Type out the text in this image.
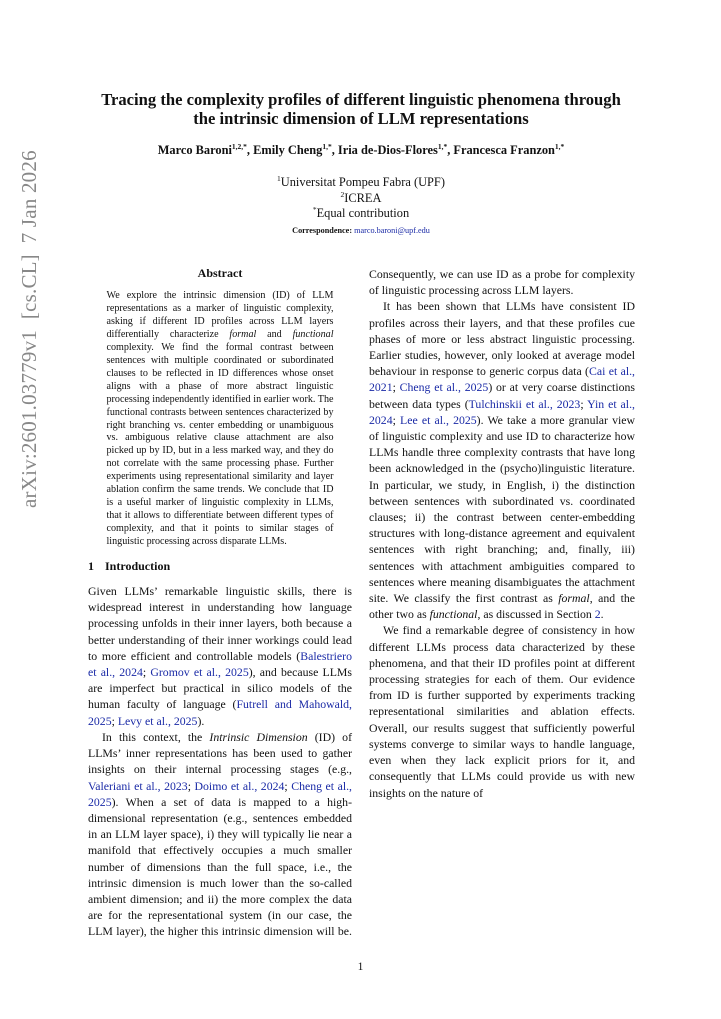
arXiv:2601.03779v1  [cs.CL]  7 Jan 2026
Tracing the complexity profiles of different linguistic phenomena through
the intrinsic dimension of LLM representations
Marco Baroni$^{1,2,*}$, Emily Cheng$^{1,*}$, Iria de-Dios-Flores$^{1,*}$, Francesca Franzon$^{1,*}$
$^1$Universitat Pompeu Fabra (UPF)
$^2$ICREA
*Equal contribution
Correspondence: marco.baroni@upf.edu
Abstract

We explore the intrinsic dimension (ID) of LLM representations as a marker of linguistic complexity, asking if different ID profiles across LLM layers differentially characterize formal and functional complexity. We find the formal contrast between sentences with multiple coordinated or subordinated clauses to be reflected in ID differences whose onset aligns with a phase of more abstract linguistic processing independently identified in earlier work. The functional contrasts between sentences characterized by right branching vs. center embedding or unambiguous vs. ambiguous relative clause attachment are also picked up by ID, but in a less marked way, and they do not correlate with the same processing phase. Further experiments using representational similarity and layer ablation confirm the same trends. We conclude that ID is a useful marker of linguistic complexity in LLMs, that it allows to differentiate between different types of complexity, and that it points to similar stages of linguistic processing across disparate LLMs.

1 Introduction

Given LLMs’ remarkable linguistic skills, there is widespread interest in understanding how language processing unfolds in their inner layers, both because a better understanding of their inner workings could lead to more efficient and controllable models (Balestriero et al., 2024; Gromov et al., 2025), and because LLMs are imperfect but practical in silico models of the human faculty of language (Futrell and Mahowald, 2025; Levy et al., 2025).

In this context, the Intrinsic Dimension (ID) of LLMs’ inner representations has been used to gather insights on their internal processing stages (e.g., Valeriani et al., 2023; Doimo et al., 2024; Cheng et al., 2025). When a set of data is mapped to a high-dimensional representation (e.g., sentences embedded in an LLM layer space), i) they will typically lie near a manifold that effectively occupies a much smaller number of dimensions than the full space, i.e., the intrinsic dimension is much lower than the so-called ambient dimension; and ii) the more complex the data are for the representational system (in our case, the LLM layer), the higher this intrinsic dimension will be.

Consequently, we can use ID as a probe for complexity of linguistic processing across LLM layers.

It has been shown that LLMs have consistent ID profiles across their layers, and that these profiles cue phases of more or less abstract linguistic processing. Earlier studies, however, only looked at average model behaviour in response to generic corpus data (Cai et al., 2021; Cheng et al., 2025) or at very coarse distinctions between data types (Tulchinskii et al., 2023; Yin et al., 2024; Lee et al., 2025). We take a more granular view of linguistic complexity and use ID to characterize how LLMs handle three complexity contrasts that have long been acknowledged in the (psycho)linguistic literature. In particular, we study, in English, i) the distinction between sentences with subordinated vs. coordinated clauses; ii) the contrast between center-embedding structures with long-distance agreement and equivalent sentences with right branching; and, finally, iii) sentences with attachment ambiguities compared to sentences where meaning disambiguates the attachment site. We classify the first contrast as formal, and the other two as functional, as discussed in Section 2.

We find a remarkable degree of consistency in how different LLMs process data characterized by these phenomena, and that their ID profiles point at different processing strategies for each of them. Our evidence from ID is further supported by experiments tracking representational similarities and ablation effects. Overall, our results suggest that sufficiently powerful systems converge to similar ways to handle language, even when they lack explicit priors for it, and consequently that LLMs could provide us with new insights on the nature of

1
